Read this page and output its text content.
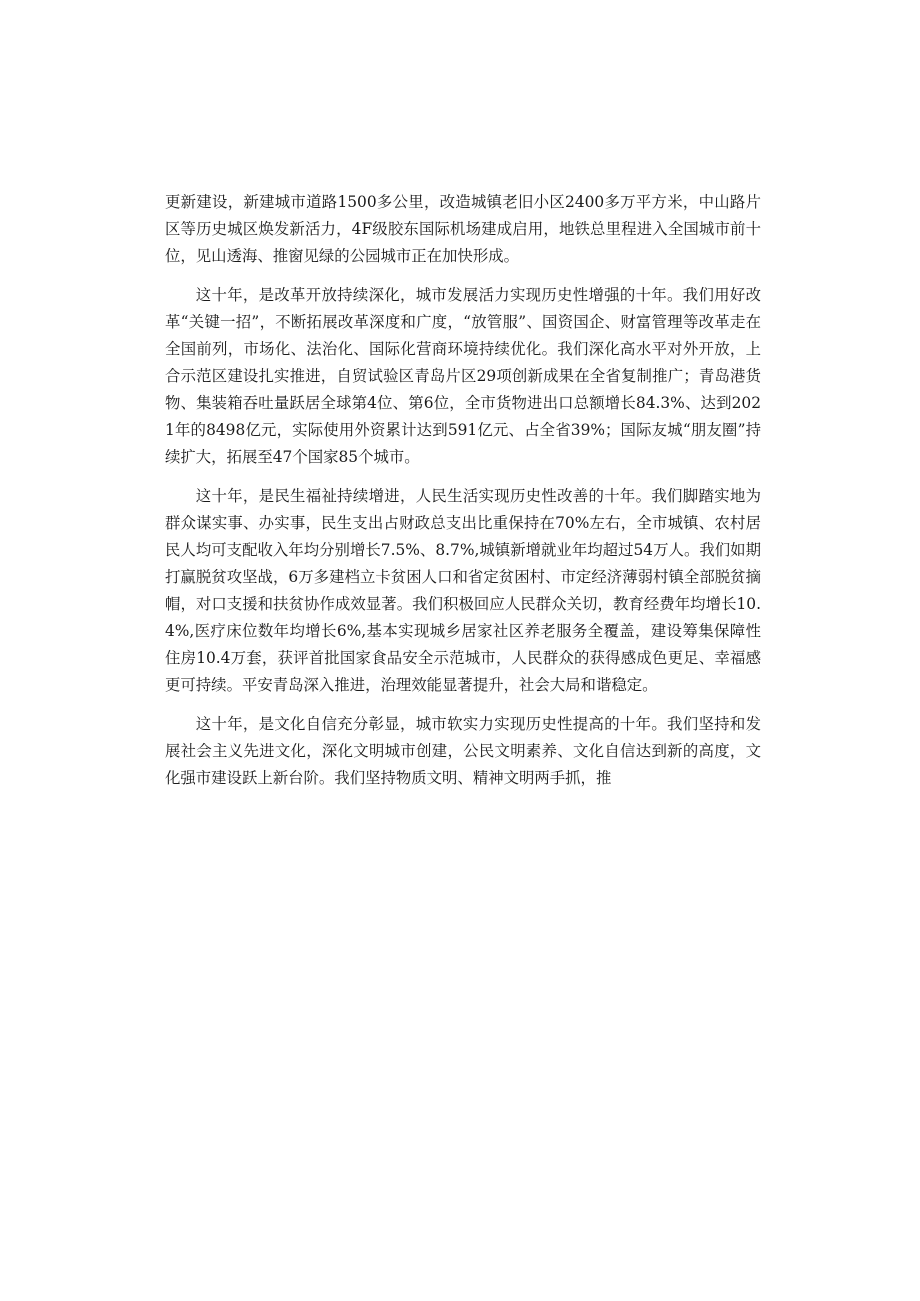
更新建设，新建城市道路1500多公里，改造城镇老旧小区2400多万平方米，中山路片区等历史城区焕发新活力，4F级胶东国际机场建成启用，地铁总里程进入全国城市前十位，见山透海、推窗见绿的公园城市正在加快形成。

这十年，是改革开放持续深化，城市发展活力实现历史性增强的十年。我们用好改革“关键一招”，不断拓展改革深度和广度，“放管服”、国资国企、财富管理等改革走在全国前列，市场化、法治化、国际化营商环境持续优化。我们深化高水平对外开放，上合示范区建设扎实推进，自贸试验区青岛片区29项创新成果在全省复制推广；青岛港货物、集装箱吞吐量跃居全球第4位、第6位，全市货物进出口总额增长84.3%、达到2021年的8498亿元，实际使用外资累计达到591亿元、占全省39%；国际友城“朋友圈”持续扩大，拓展至47个国家85个城市。

这十年，是民生福祉持续增进，人民生活实现历史性改善的十年。我们脚踏实地为群众谋实事、办实事，民生支出占财政总支出比重保持在70%左右，全市城镇、农村居民人均可支配收入年均分别增长7.5%、8.7%,城镇新增就业年均超过54万人。我们如期打赢脱贫攻坚战，6万多建档立卡贫困人口和省定贫困村、市定经济薄弱村镇全部脱贫摘帽，对口支援和扶贫协作成效显著。我们积极回应人民群众关切，教育经费年均增长10.4%,医疗床位数年均增长6%,基本实现城乡居家社区养老服务全覆盖，建设筹集保障性住房10.4万套，获评首批国家食品安全示范城市，人民群众的获得感成色更足、幸福感更可持续。平安青岛深入推进，治理效能显著提升，社会大局和谐稳定。

这十年，是文化自信充分彰显，城市软实力实现历史性提高的十年。我们坚持和发展社会主义先进文化，深化文明城市创建，公民文明素养、文化自信达到新的高度，文化强市建设跃上新台阶。我们坚持物质文明、精神文明两手抓，推
